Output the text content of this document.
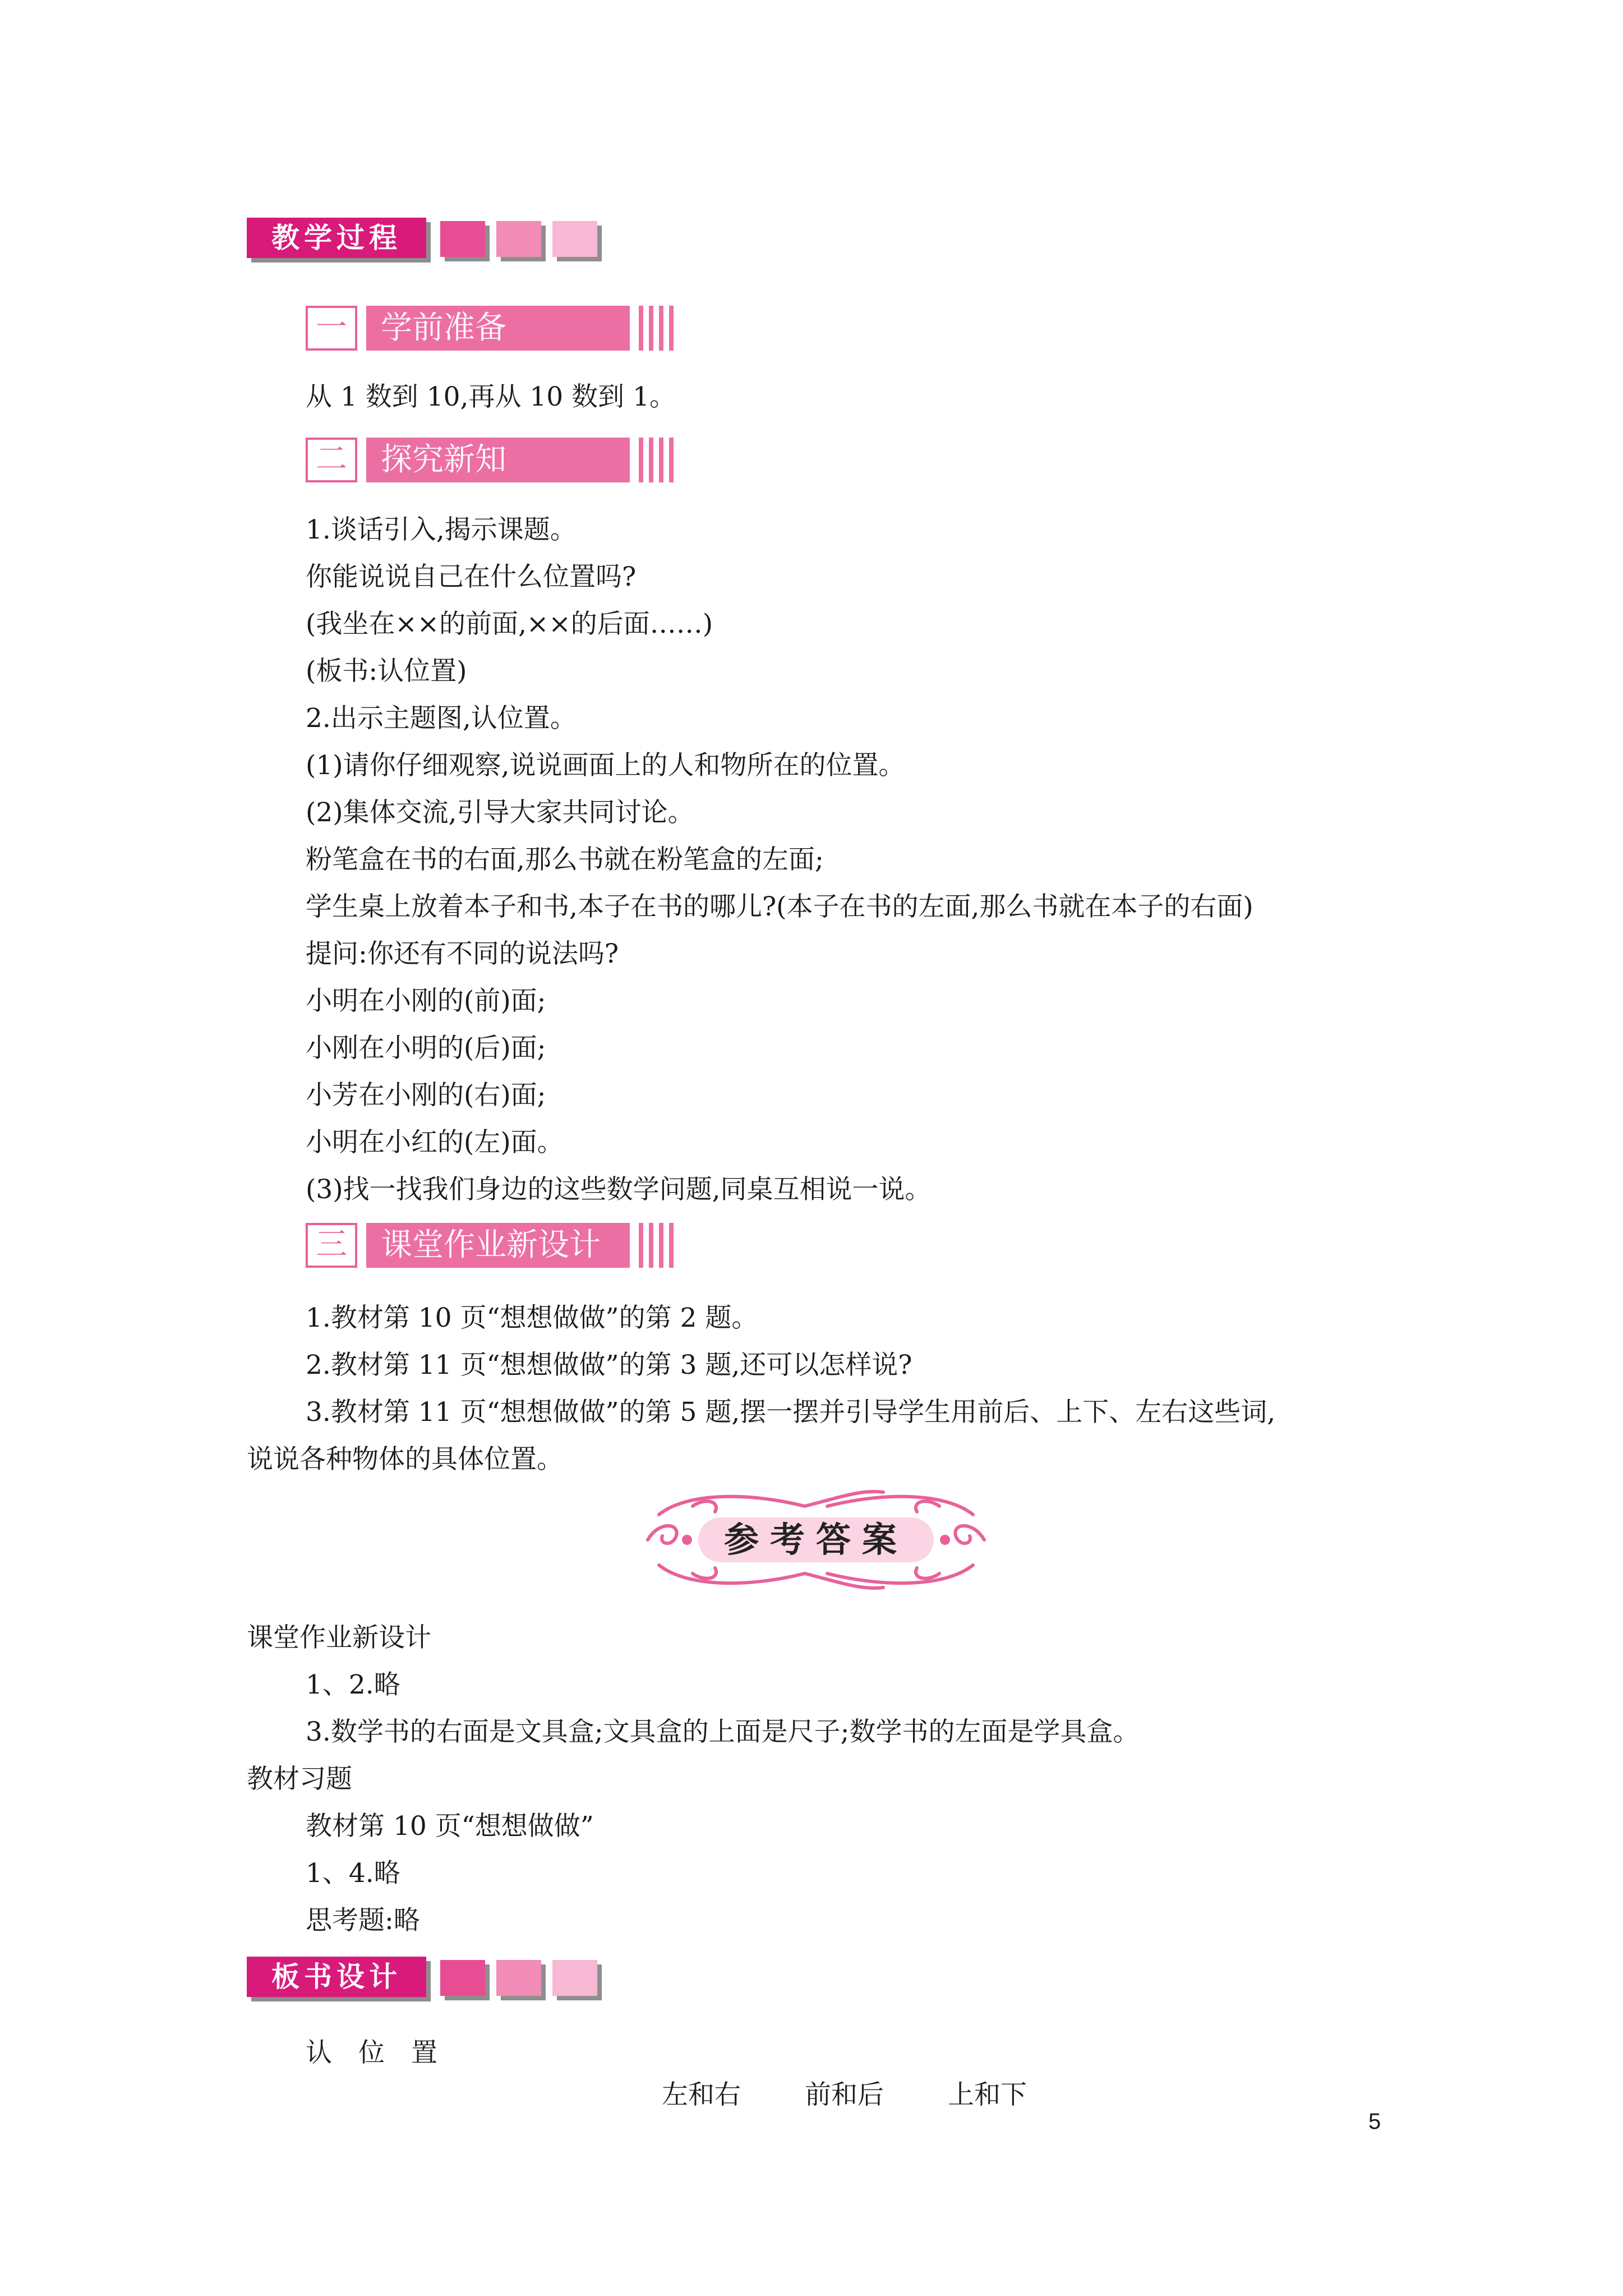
教学过程
一	学前准备
从 1 数到 10,再从 10 数到 1。
二	探究新知
1.谈话引入,揭示课题。
你能说说自己在什么位置吗?
(我坐在××的前面,××的后面……)
(板书:认位置)
2.出示主题图,认位置。
(1)请你仔细观察,说说画面上的人和物所在的位置。
(2)集体交流,引导大家共同讨论。
粉笔盒在书的右面,那么书就在粉笔盒的左面;
学生桌上放着本子和书,本子在书的哪儿?(本子在书的左面,那么书就在本子的右面)
提问:你还有不同的说法吗?
小明在小刚的(前)面;
小刚在小明的(后)面;
小芳在小刚的(右)面;
小明在小红的(左)面。
(3)找一找我们身边的这些数学问题,同桌互相说一说。
三	课堂作业新设计
1.教材第 10 页“想想做做”的第 2 题。
2.教材第 11 页“想想做做”的第 3 题,还可以怎样说?
3.教材第 11 页“想想做做”的第 5 题,摆一摆并引导学生用前后、上下、左右这些词,
说说各种物体的具体位置。
参考答案
课堂作业新设计
1、2.略
3.数学书的右面是文具盒;文具盒的上面是尺子;数学书的左面是学具盒。
教材习题
教材第 10 页“想想做做”
1、4.略
思考题:略
板书设计
认　位　置
左和右 前和后 上和下
5
